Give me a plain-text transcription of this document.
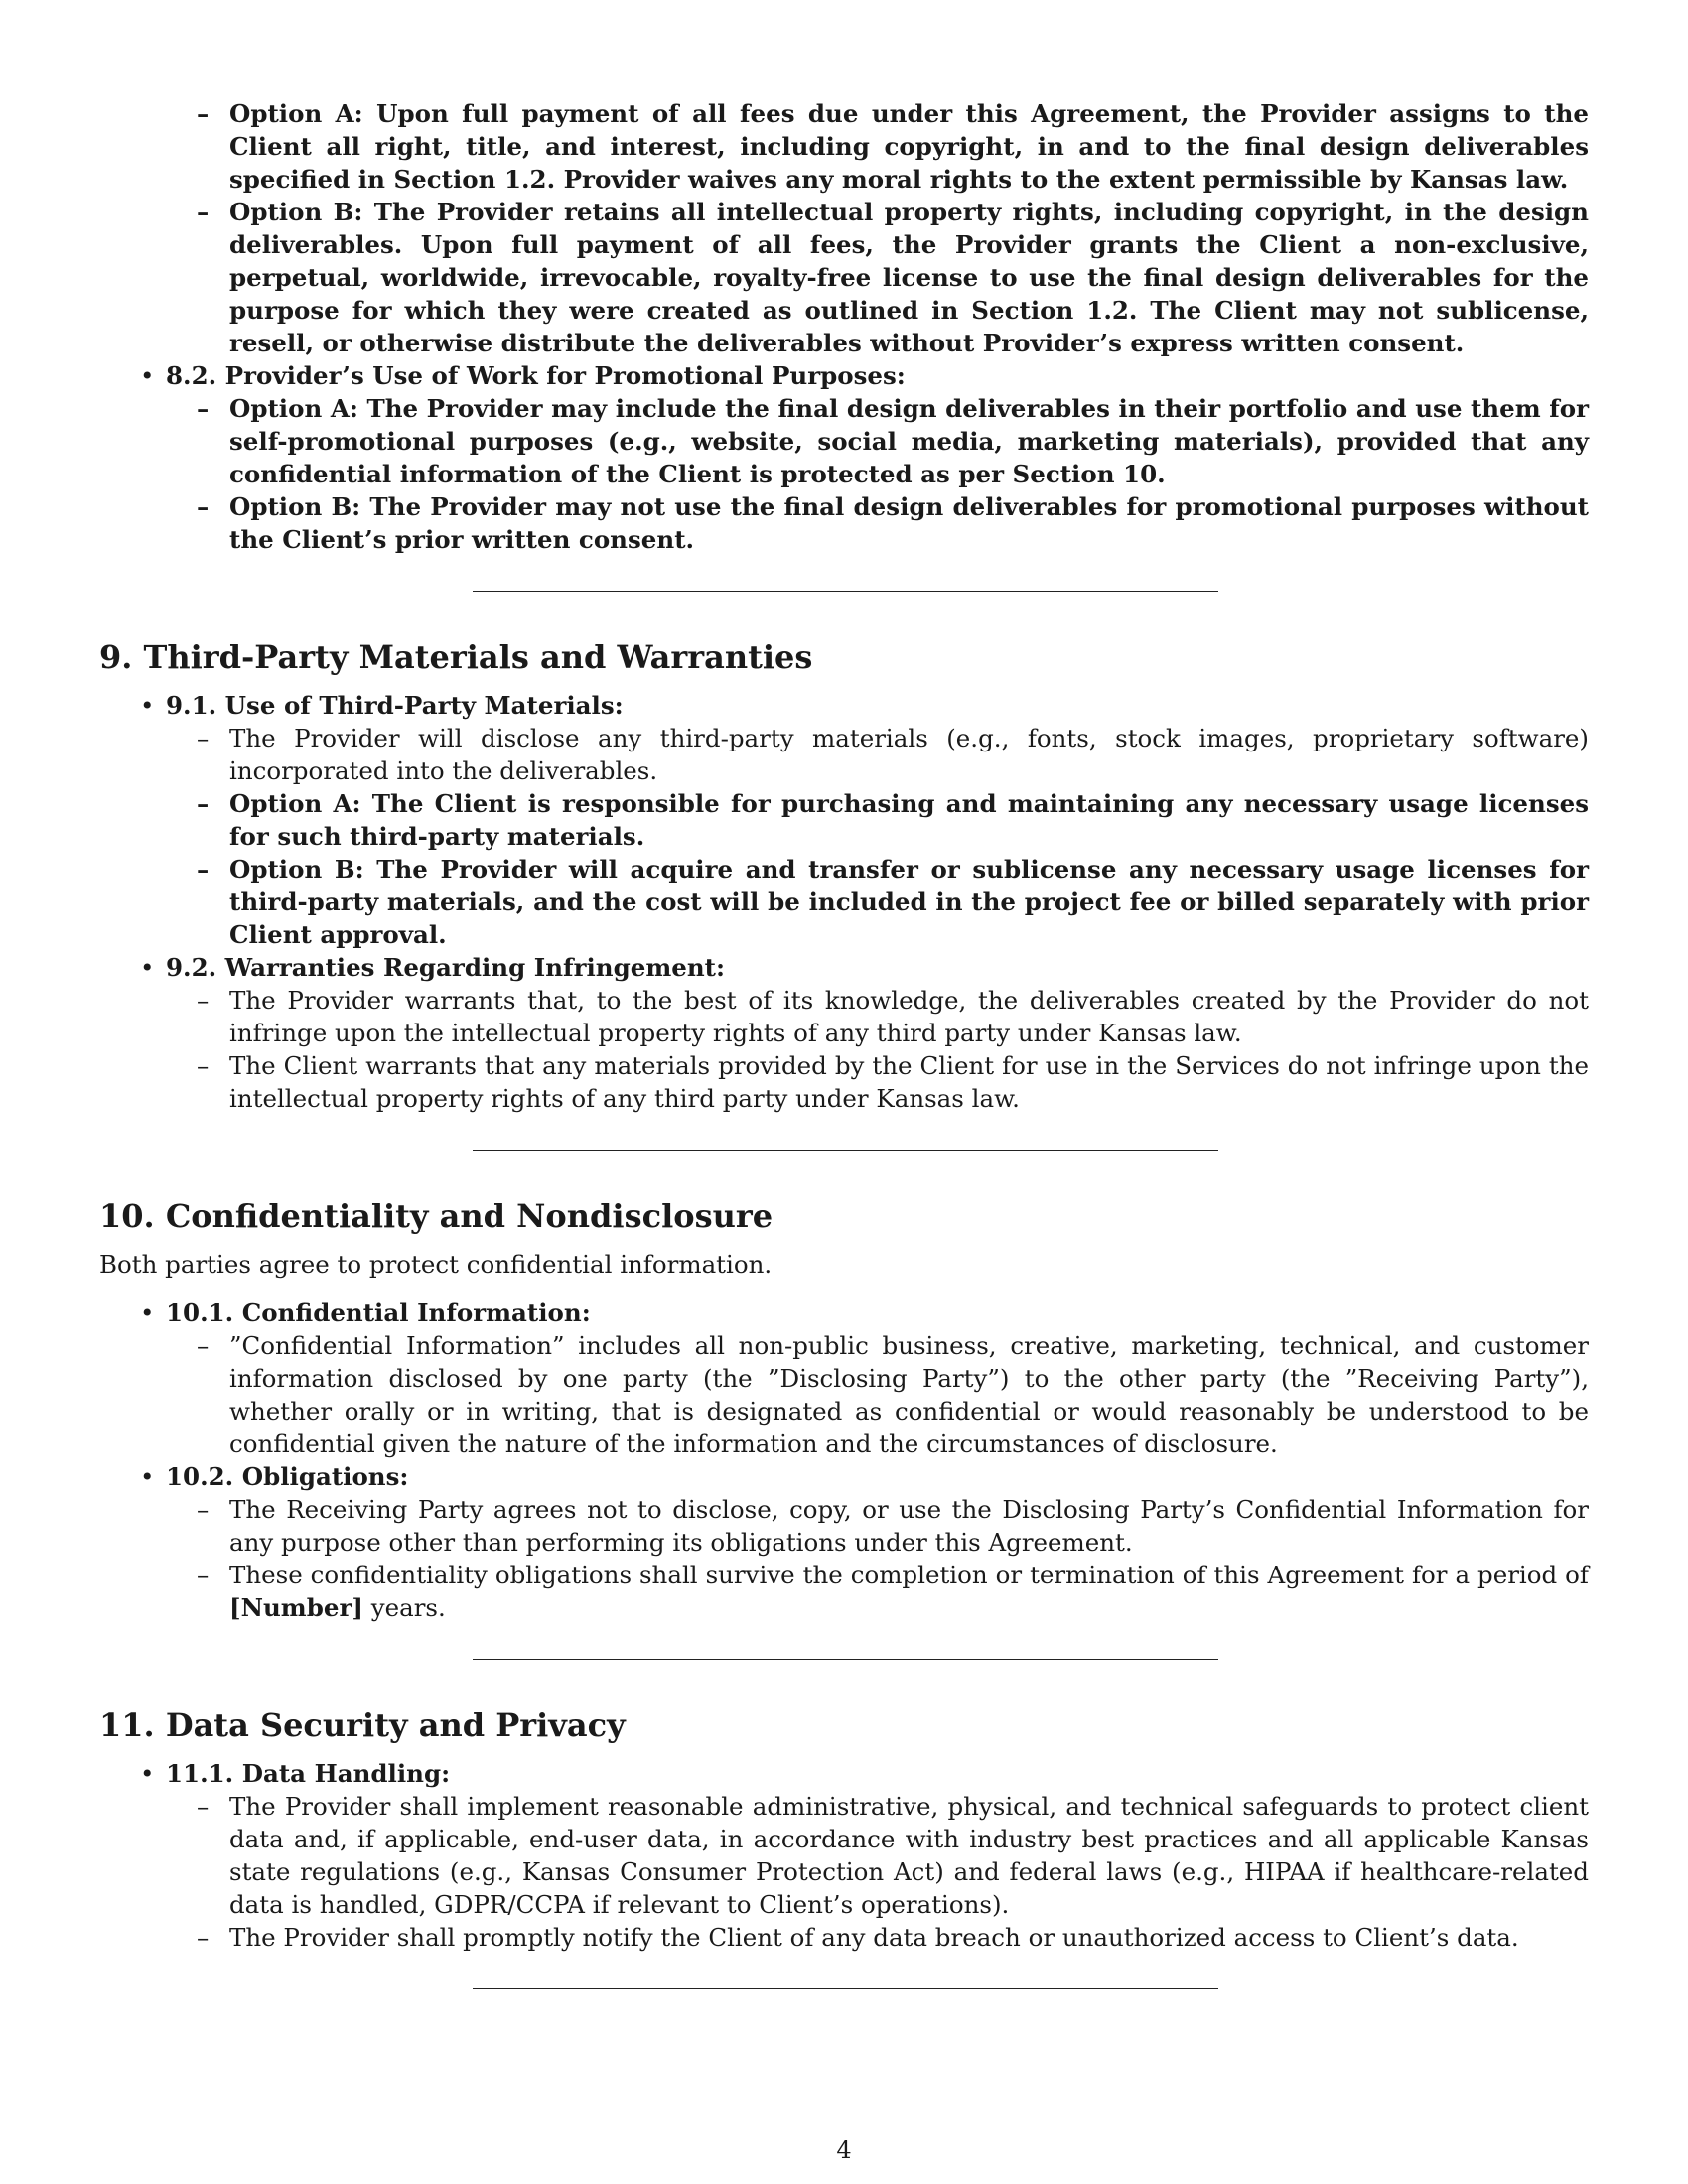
– Option A: Upon full payment of all fees due under this Agreement, the Provider assigns to the Client all right, title, and interest, including copyright, in and to the final design deliverables specified in Section 1.2. Provider waives any moral rights to the extent permissible by Kansas law.
– Option B: The Provider retains all intellectual property rights, including copyright, in the design deliverables. Upon full payment of all fees, the Provider grants the Client a non-exclusive, perpetual, worldwide, irrevocable, royalty-free license to use the final design deliverables for the purpose for which they were created as outlined in Section 1.2. The Client may not sublicense, resell, or otherwise distribute the deliverables without Provider’s express written consent.
• 8.2. Provider’s Use of Work for Promotional Purposes:
– Option A: The Provider may include the final design deliverables in their portfolio and use them for self-promotional purposes (e.g., website, social media, marketing materials), provided that any confidential information of the Client is protected as per Section 10.
– Option B: The Provider may not use the final design deliverables for promotional purposes without the Client’s prior written consent.
9. Third-Party Materials and Warranties
• 9.1. Use of Third-Party Materials:
– The Provider will disclose any third-party materials (e.g., fonts, stock images, proprietary software) incorporated into the deliverables.
– Option A: The Client is responsible for purchasing and maintaining any necessary usage licenses for such third-party materials.
– Option B: The Provider will acquire and transfer or sublicense any necessary usage licenses for third-party materials, and the cost will be included in the project fee or billed separately with prior Client approval.
• 9.2. Warranties Regarding Infringement:
– The Provider warrants that, to the best of its knowledge, the deliverables created by the Provider do not infringe upon the intellectual property rights of any third party under Kansas law.
– The Client warrants that any materials provided by the Client for use in the Services do not infringe upon the intellectual property rights of any third party under Kansas law.
10. Confidentiality and Nondisclosure

Both parties agree to protect confidential information.

• 10.1. Confidential Information:
– ”Confidential Information” includes all non-public business, creative, marketing, technical, and customer information disclosed by one party (the ”Disclosing Party”) to the other party (the ”Receiving Party”), whether orally or in writing, that is designated as confidential or would reasonably be understood to be confidential given the nature of the information and the circumstances of disclosure.
• 10.2. Obligations:
– The Receiving Party agrees not to disclose, copy, or use the Disclosing Party’s Confidential Information for any purpose other than performing its obligations under this Agreement.
– These confidentiality obligations shall survive the completion or termination of this Agreement for a period of [Number] years.
11. Data Security and Privacy
• 11.1. Data Handling:
– The Provider shall implement reasonable administrative, physical, and technical safeguards to protect client data and, if applicable, end-user data, in accordance with industry best practices and all applicable Kansas state regulations (e.g., Kansas Consumer Protection Act) and federal laws (e.g., HIPAA if healthcare-related data is handled, GDPR/CCPA if relevant to Client’s operations).
– The Provider shall promptly notify the Client of any data breach or unauthorized access to Client’s data.
4
